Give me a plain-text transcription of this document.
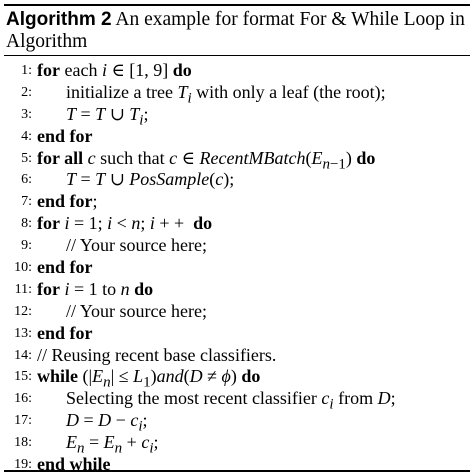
Algorithm 2 An example for format For & While Loop in Algorithm
1: for each i ∈ [1, 9] do
2: initialize a tree $T_i$ with only a leaf (the root);
3: T = T ∪ $T_i$;
4: end for
5: for all c such that c ∈ $RecentMBatch(E_{n-1})$ do
6: T = T ∪ PosSample(c);
7: end for;
8: for i = 1; i < n; i + +  do
9: // Your source here;
10: end for
11: for i = 1 to n do
12: // Your source here;
13: end for
14: // Reusing recent base classifiers.
15: while $(|E_n| \le L_1)and(D \ne \phi)$ do
16: Selecting the most recent classifier $c_i$ from D;
17: $D = D - c_i$;
18: $E_n = E_n + c_i$;
19: end while
